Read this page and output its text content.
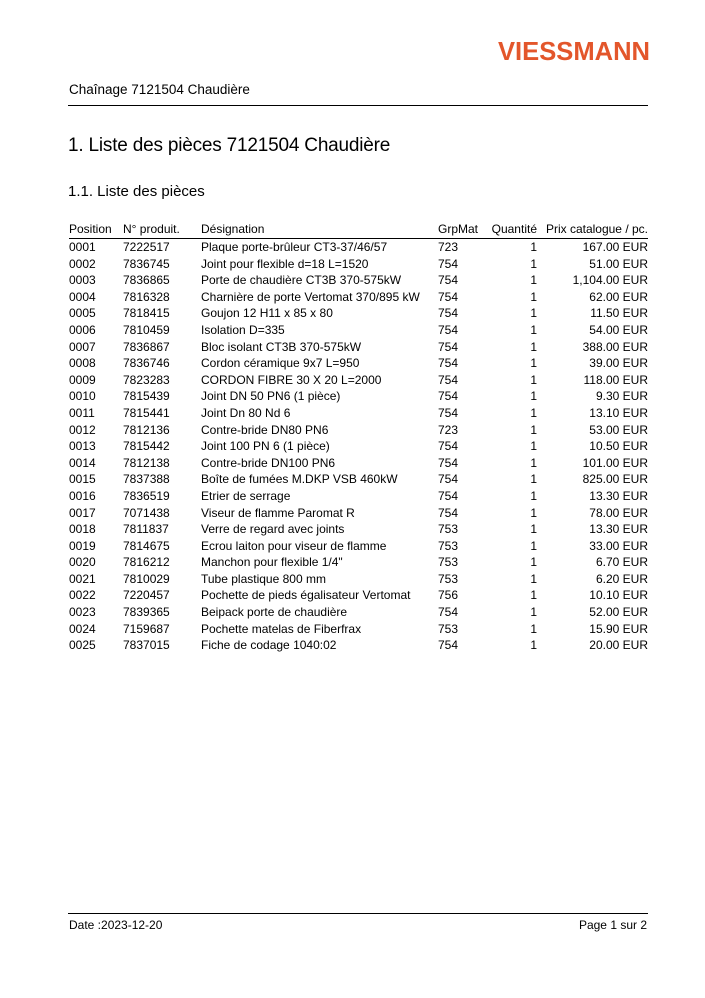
VIESSMANN
Chaînage 7121504 Chaudière
1. Liste des pièces 7121504 Chaudière
1.1. Liste des pièces
Position	N° produit.	Désignation	GrpMat	Quantité	Prix catalogue / pc.
0001	7222517	Plaque porte-brûleur CT3-37/46/57	723	1	167.00 EUR
0002	7836745	Joint pour flexible d=18 L=1520	754	1	51.00 EUR
0003	7836865	Porte de chaudière CT3B 370-575kW	754	1	1,104.00 EUR
0004	7816328	Charnière de porte Vertomat 370/895 kW	754	1	62.00 EUR
0005	7818415	Goujon 12 H11 x 85 x 80	754	1	11.50 EUR
0006	7810459	Isolation D=335	754	1	54.00 EUR
0007	7836867	Bloc isolant CT3B 370-575kW	754	1	388.00 EUR
0008	7836746	Cordon céramique 9x7 L=950	754	1	39.00 EUR
0009	7823283	CORDON FIBRE 30 X 20 L=2000	754	1	118.00 EUR
0010	7815439	Joint DN 50 PN6 (1 pièce)	754	1	9.30 EUR
0011	7815441	Joint Dn 80 Nd 6	754	1	13.10 EUR
0012	7812136	Contre-bride DN80 PN6	723	1	53.00 EUR
0013	7815442	Joint 100 PN 6 (1 pièce)	754	1	10.50 EUR
0014	7812138	Contre-bride DN100 PN6	754	1	101.00 EUR
0015	7837388	Boîte de fumées M.DKP VSB 460kW	754	1	825.00 EUR
0016	7836519	Etrier de serrage	754	1	13.30 EUR
0017	7071438	Viseur de flamme Paromat R	754	1	78.00 EUR
0018	7811837	Verre de regard avec joints	753	1	13.30 EUR
0019	7814675	Ecrou laiton pour viseur de flamme	753	1	33.00 EUR
0020	7816212	Manchon pour flexible 1/4"	753	1	6.70 EUR
0021	7810029	Tube plastique 800 mm	753	1	6.20 EUR
0022	7220457	Pochette de pieds égalisateur Vertomat	756	1	10.10 EUR
0023	7839365	Beipack porte de chaudière	754	1	52.00 EUR
0024	7159687	Pochette matelas de Fiberfrax	753	1	15.90 EUR
0025	7837015	Fiche de codage 1040:02	754	1	20.00 EUR
Date :2023-12-20	Page 1 sur 2
